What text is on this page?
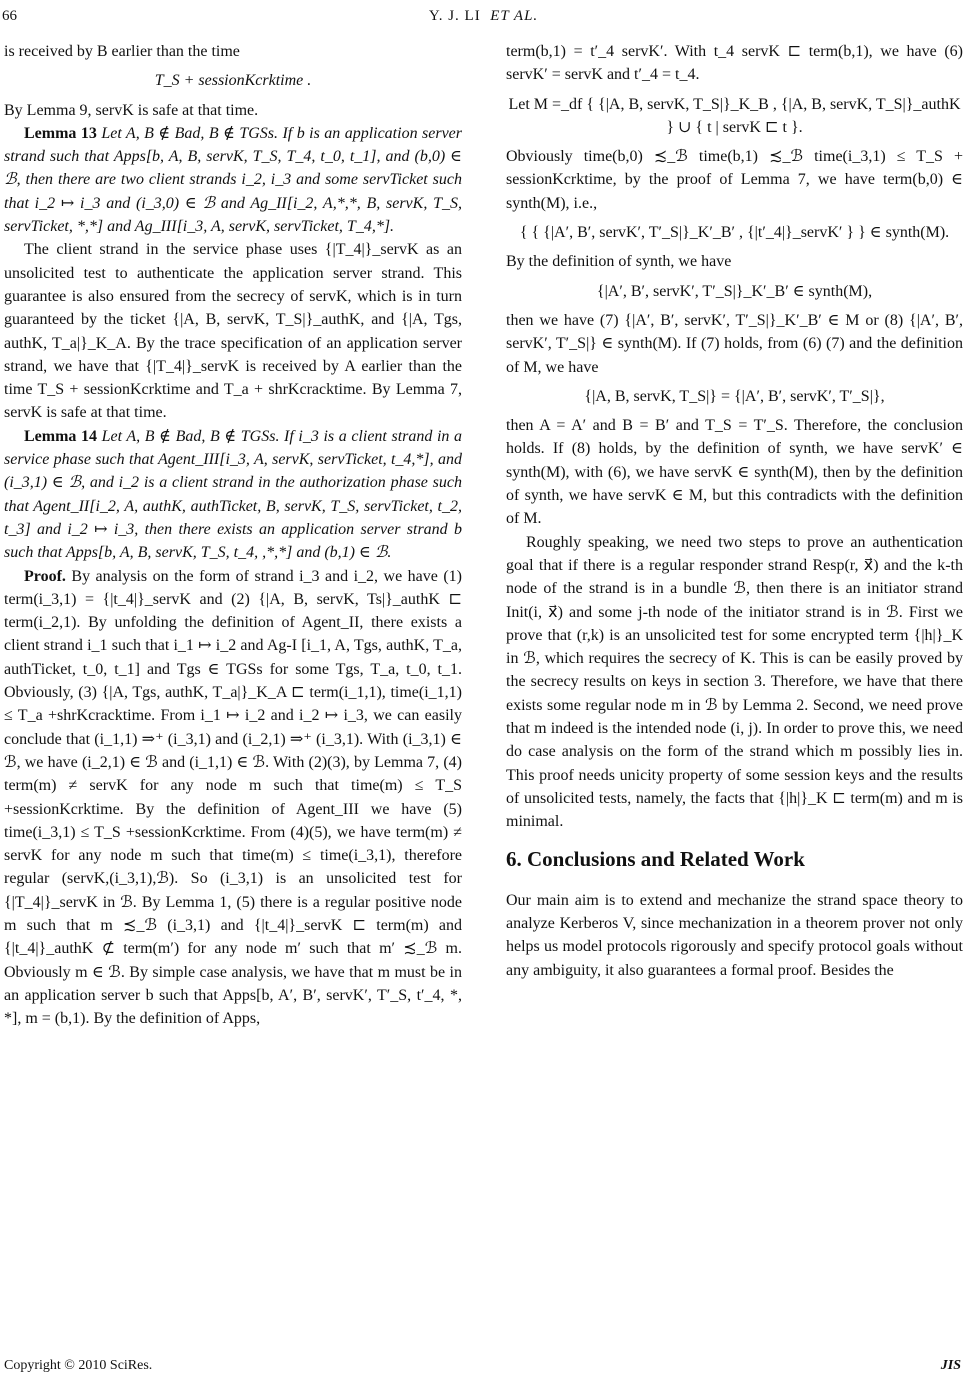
66	Y. J. LI ET AL.

is received by B earlier than the time

T_S + sessionKcrktime .

By Lemma 9, servK is safe at that time.

Lemma 13 Let A, B ∉ Bad, B ∉ TGSs. If b is an application server strand such that Apps[b, A, B, servK, T_S, T_4, t_0, t_1], and (b,0) ∈ ℬ, then there are two client strands i_2, i_3 and some servTicket such that i_2 ↦ i_3 and (i_3,0) ∈ ℬ and Ag_II[i_2, A,*,*, B, servK, T_S, servTicket, *,*] and Ag_III[i_3, A, servK, servTicket, T_4,*].

The client strand in the service phase uses {|T_4|}_servK as an unsolicited test to authenticate the application server strand. This guarantee is also ensured from the secrecy of servK, which is in turn guaranteed by the ticket {|A, B, servK, T_S|}_authK, and {|A, Tgs, authK, T_a|}_K_A. By the trace specification of an application server strand, we have that {|T_4|}_servK is received by A earlier than the time T_S + sessionKcrktime and T_a + shrKcracktime. By Lemma 7, servK is safe at that time.

Lemma 14 Let A, B ∉ Bad, B ∉ TGSs. If i_3 is a client strand in a service phase such that Agent_III[i_3, A, servK, servTicket, t_4,*], and (i_3,1) ∈ ℬ, and i_2 is a client strand in the authorization phase such that Agent_II[i_2, A, authK, authTicket, B, servK, T_S, servTicket, t_2, t_3] and i_2 ↦ i_3, then there exists an application server strand b such that Apps[b, A, B, servK, T_S, t_4, ,*,*] and (b,1) ∈ ℬ.

Proof. By analysis on the form of strand i_3 and i_2, we have (1) term(i_3,1) = {|t_4|}_servK and (2) {|A, B, servK, Ts|}_authK ⊏ term(i_2,1). By unfolding the definition of Agent_II, there exists a client strand i_1 such that i_1 ↦ i_2 and Ag-I [i_1, A, Tgs, authK, T_a, authTicket, t_0, t_1] and Tgs ∈ TGSs for some Tgs, T_a, t_0, t_1. Obviously, (3) {|A, Tgs, authK, T_a|}_K_A ⊏ term(i_1,1), time(i_1,1) ≤ T_a +shrKcracktime. From i_1 ↦ i_2 and i_2 ↦ i_3, we can easily conclude that (i_1,1) ⇒⁺ (i_3,1) and (i_2,1) ⇒⁺ (i_3,1). With (i_3,1) ∈ ℬ, we have (i_2,1) ∈ ℬ and (i_1,1) ∈ ℬ. With (2)(3), by Lemma 7, (4) term(m) ≠ servK for any node m such that time(m) ≤ T_S +sessionKcrktime. By the definition of Agent_III we have (5) time(i_3,1) ≤ T_S +sessionKcrktime. From (4)(5), we have term(m) ≠ servK for any node m such that time(m) ≤ time(i_3,1), therefore regular (servK,(i_3,1),ℬ). So (i_3,1) is an unsolicited test for {|T_4|}_servK in ℬ. By Lemma 1, (5) there is a regular positive node m such that m ≾_ℬ (i_3,1) and {|t_4|}_servK ⊏ term(m) and {|t_4|}_authK ⊄ term(m′) for any node m′ such that m′ ≾_ℬ m. Obviously m ∈ ℬ. By simple case analysis, we have that m must be in an application server b such that Apps[b, A′, B′, servK′, T′_S, t′_4, *, *], m = (b,1). By the definition of Apps,

term(b,1) = t′_4 servK′. With t_4 servK ⊏ term(b,1), we have (6) servK′ = servK and t′_4 = t_4.

Let M =_df { {|A, B, servK, T_S|}_K_B , {|A, B, servK, T_S|}_authK } ∪ { t | servK ⊏ t }.

Obviously time(b,0) ≾_ℬ time(b,1) ≾_ℬ time(i_3,1) ≤ T_S + sessionKcrktime, by the proof of Lemma 7, we have term(b,0) ∈ synth(M), i.e.,

{ { {|A′, B′, servK′, T′_S|}_K′_B′ , {|t′_4|}_servK′ } } ∈ synth(M).

By the definition of synth, we have

{|A′, B′, servK′, T′_S|}_K′_B′ ∈ synth(M),

then we have (7) {|A′, B′, servK′, T′_S|}_K′_B′ ∈ M or (8) {|A′, B′, servK′, T′_S|} ∈ synth(M). If (7) holds, from (6) (7) and the definition of M, we have

{|A, B, servK, T_S|} = {|A′, B′, servK′, T′_S|},

then A = A′ and B = B′ and T_S = T′_S. Therefore, the conclusion holds. If (8) holds, by the definition of synth, we have servK′ ∈ synth(M), with (6), we have servK ∈ synth(M), then by the definition of synth, we have servK ∈ M, but this contradicts with the definition of M.

Roughly speaking, we need two steps to prove an authentication goal that if there is a regular responder strand Resp(r, x⃗) and the k-th node of the strand is in a bundle ℬ, then there is an initiator strand Init(i, x⃗) and some j-th node of the initiator strand is in ℬ. First we prove that (r,k) is an unsolicited test for some encrypted term {|h|}_K in ℬ, which requires the secrecy of K. This is can be easily proved by the secrecy results on keys in section 3. Therefore, we have that there exists some regular node m in ℬ by Lemma 2. Second, we need prove that m indeed is the intended node (i, j). In order to prove this, we need do case analysis on the form of the strand which m possibly lies in. This proof needs unicity property of some session keys and the results of unsolicited tests, namely, the facts that {|h|}_K ⊏ term(m) and m is minimal.

6. Conclusions and Related Work

Our main aim is to extend and mechanize the strand space theory to analyze Kerberos V, since mechanization in a theorem prover not only helps us model protocols rigorously and specify protocol goals without any ambiguity, it also guarantees a formal proof. Besides the

Copyright © 2010 SciRes.	JIS
